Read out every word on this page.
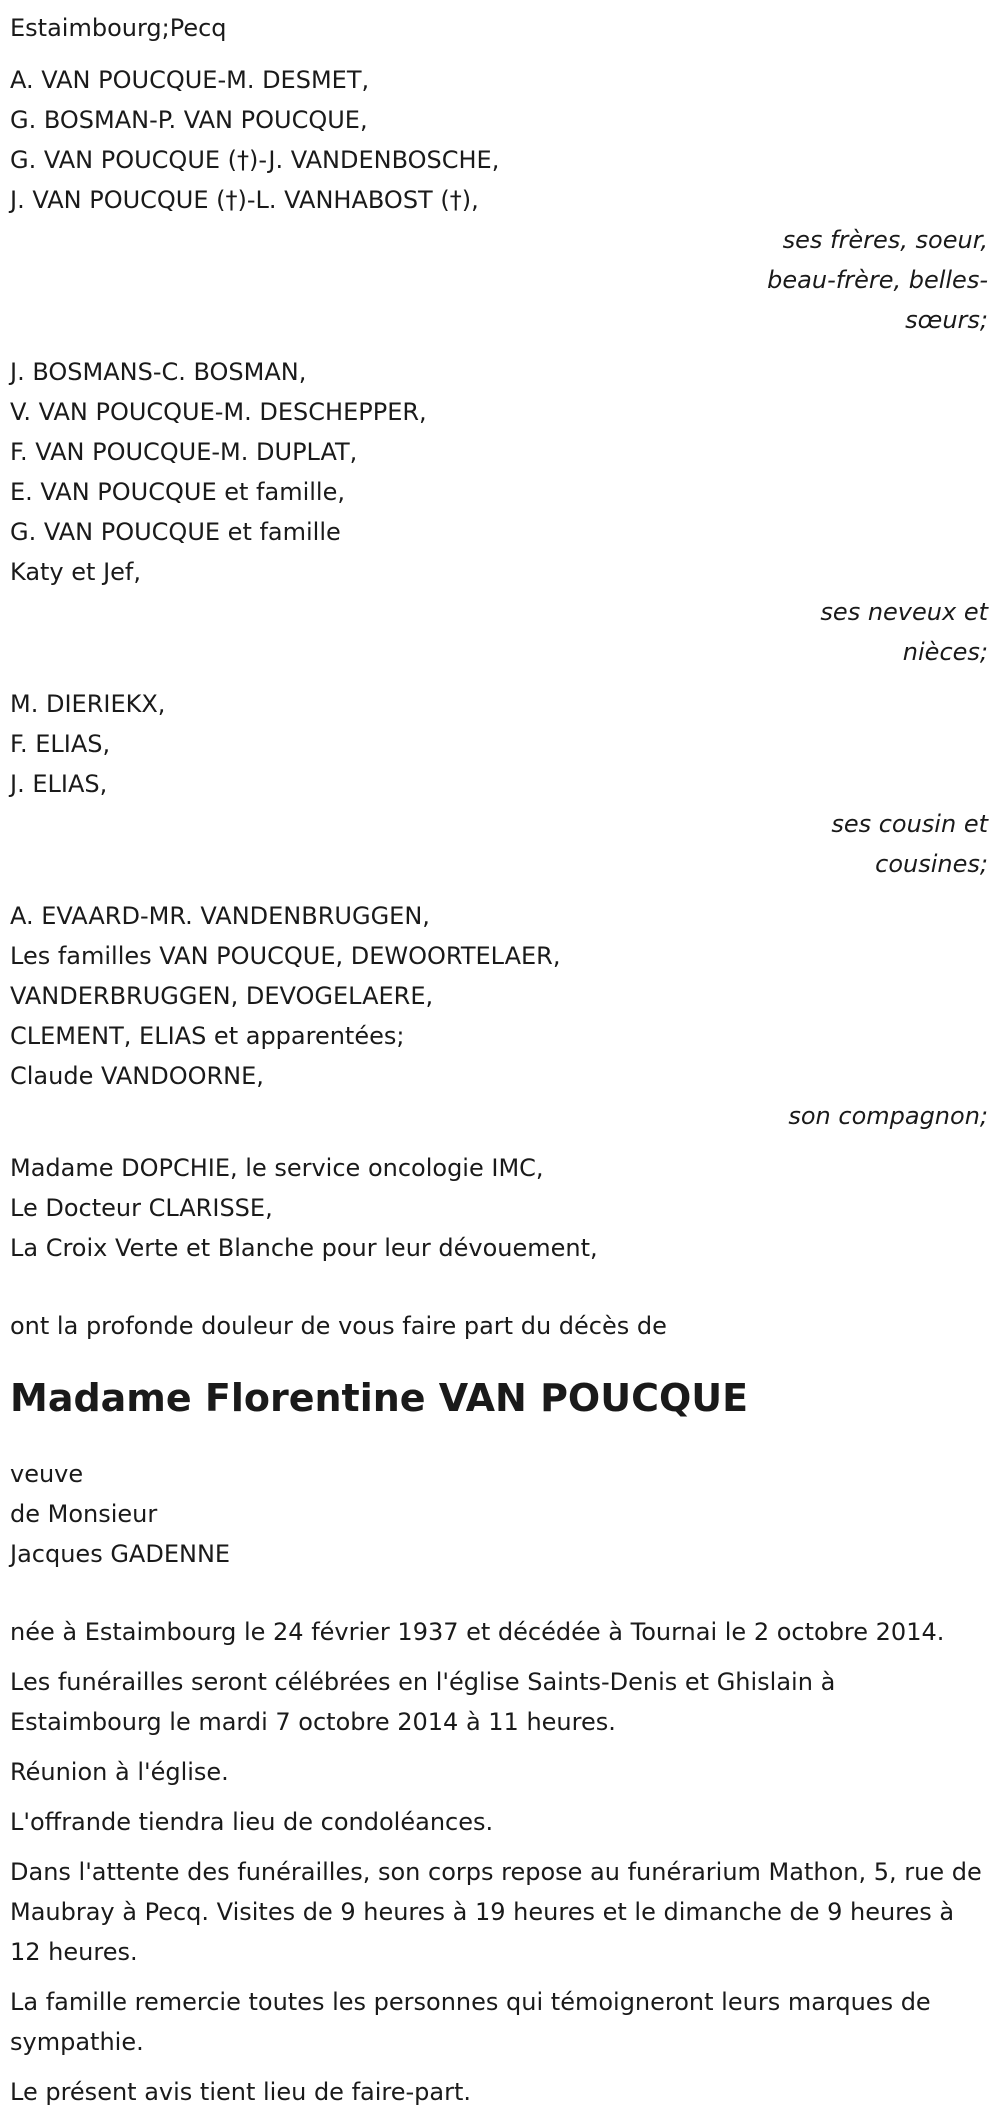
Estaimbourg;Pecq
A. VAN POUCQUE-M. DESMET,
G. BOSMAN-P. VAN POUCQUE,
G. VAN POUCQUE (†)-J. VANDENBOSCHE,
J. VAN POUCQUE (†)-L. VANHABOST (†),
ses frères, soeur,
beau-frère, belles-
sœurs;
J. BOSMANS-C. BOSMAN,
V. VAN POUCQUE-M. DESCHEPPER,
F. VAN POUCQUE-M. DUPLAT,
E. VAN POUCQUE et famille,
G. VAN POUCQUE et famille
Katy et Jef,
ses neveux et
nièces;
M. DIERIEKX,
F. ELIAS,
J. ELIAS,
ses cousin et
cousines;
A. EVAARD-MR. VANDENBRUGGEN,
Les familles VAN POUCQUE, DEWOORTELAER,
VANDERBRUGGEN, DEVOGELAERE,
CLEMENT, ELIAS et apparentées;
Claude VANDOORNE,
son compagnon;
Madame DOPCHIE, le service oncologie IMC,
Le Docteur CLARISSE,
La Croix Verte et Blanche pour leur dévouement,
ont la profonde douleur de vous faire part du décès de
Madame Florentine VAN POUCQUE
veuve
de Monsieur
Jacques GADENNE
née à Estaimbourg le 24 février 1937 et décédée à Tournai le 2 octobre 2014.
Les funérailles seront célébrées en l'église Saints-Denis et Ghislain à Estaimbourg le mardi 7 octobre 2014 à 11 heures.
Réunion à l'église.
L'offrande tiendra lieu de condoléances.
Dans l'attente des funérailles, son corps repose au funérarium Mathon, 5, rue de Maubray à Pecq. Visites de 9 heures à 19 heures et le dimanche de 9 heures à 12 heures.
La famille remercie toutes les personnes qui témoigneront leurs marques de sympathie.
Le présent avis tient lieu de faire-part.
